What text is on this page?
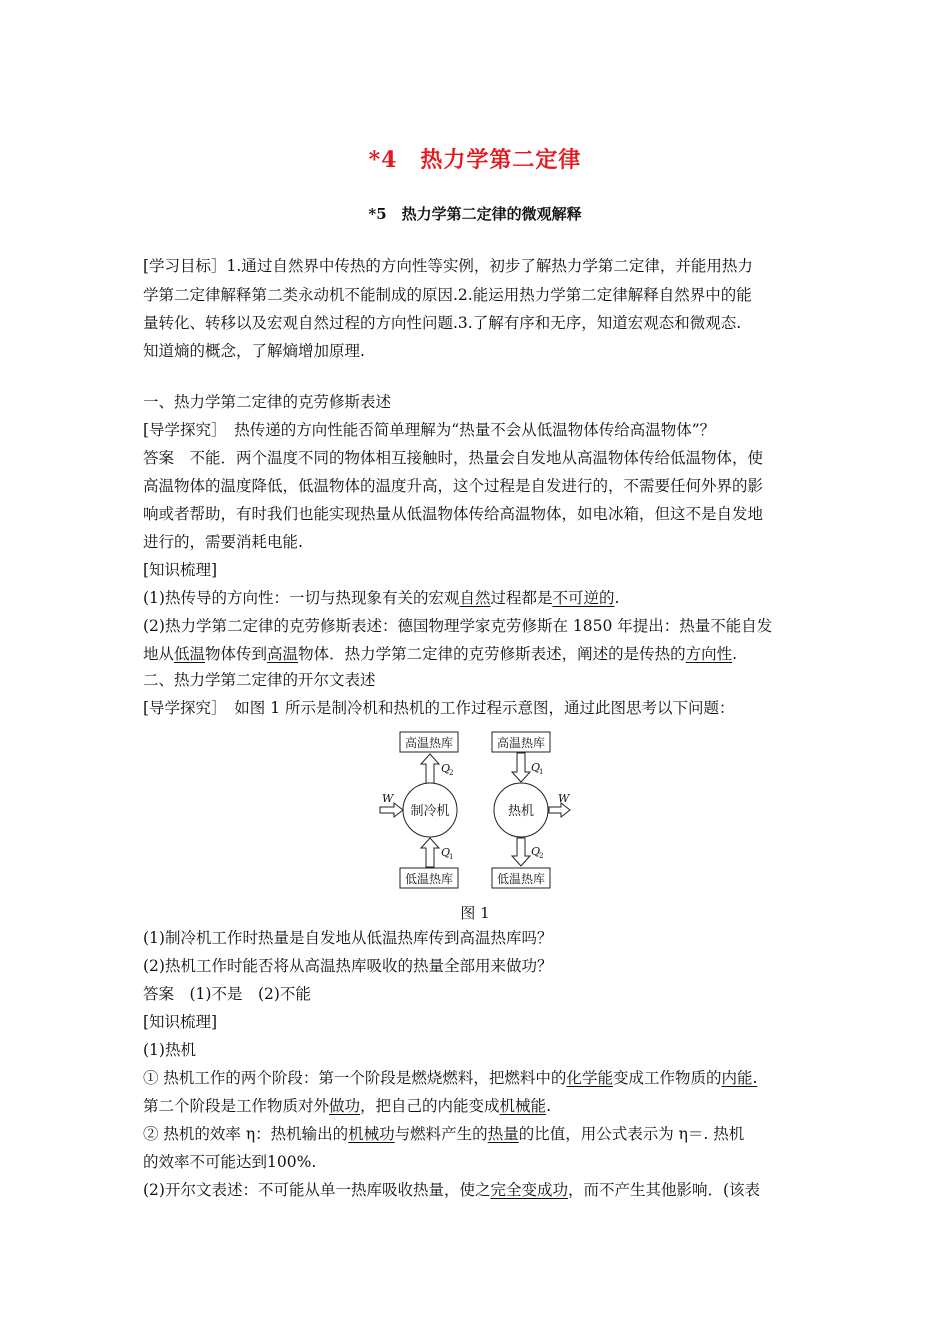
*4　热力学第二定律
*5　热力学第二定律的微观解释
[学习目标］1.通过自然界中传热的方向性等实例，初步了解热力学第二定律，并能用热力
学第二定律解释第二类永动机不能制成的原因.2.能运用热力学第二定律解释自然界中的能
量转化、转移以及宏观自然过程的方向性问题.3.了解有序和无序，知道宏观态和微观态.
知道熵的概念，了解熵增加原理.
一、热力学第二定律的克劳修斯表述
[导学探究］　热传递的方向性能否简单理解为“热量不会从低温物体传给高温物体”？
答案　不能．两个温度不同的物体相互接触时，热量会自发地从高温物体传给低温物体，使
高温物体的温度降低，低温物体的温度升高，这个过程是自发进行的，不需要任何外界的影
响或者帮助，有时我们也能实现热量从低温物体传给高温物体，如电冰箱，但这不是自发地
进行的，需要消耗电能.
[知识梳理]
(1)热传导的方向性：一切与热现象有关的宏观自然过程都是不可逆的.
(2)热力学第二定律的克劳修斯表述：德国物理学家克劳修斯在 1850 年提出：热量不能自发
地从低温物体传到高温物体．热力学第二定律的克劳修斯表述，阐述的是传热的方向性.
二、热力学第二定律的开尔文表述
[导学探究］　如图 1 所示是制冷机和热机的工作过程示意图，通过此图思考以下问题：
高温热库
低温热库
高温热库
低温热库
制冷机	热机
W	W
Q
Q
Q
Q
2
1
1
2
图 1
(1)制冷机工作时热量是自发地从低温热库传到高温热库吗？
(2)热机工作时能否将从高温热库吸收的热量全部用来做功？
答案　(1)不是　(2)不能
[知识梳理]
(1)热机
① 热机工作的两个阶段：第一个阶段是燃烧燃料，把燃料中的化学能变成工作物质的内能.
第二个阶段是工作物质对外做功，把自己的内能变成机械能.
② 热机的效率 η：热机输出的机械功与燃料产生的热量的比值，用公式表示为 η＝. 热机
的效率不可能达到100%.
(2)开尔文表述：不可能从单一热库吸收热量，使之完全变成功，而不产生其他影响．(该表
